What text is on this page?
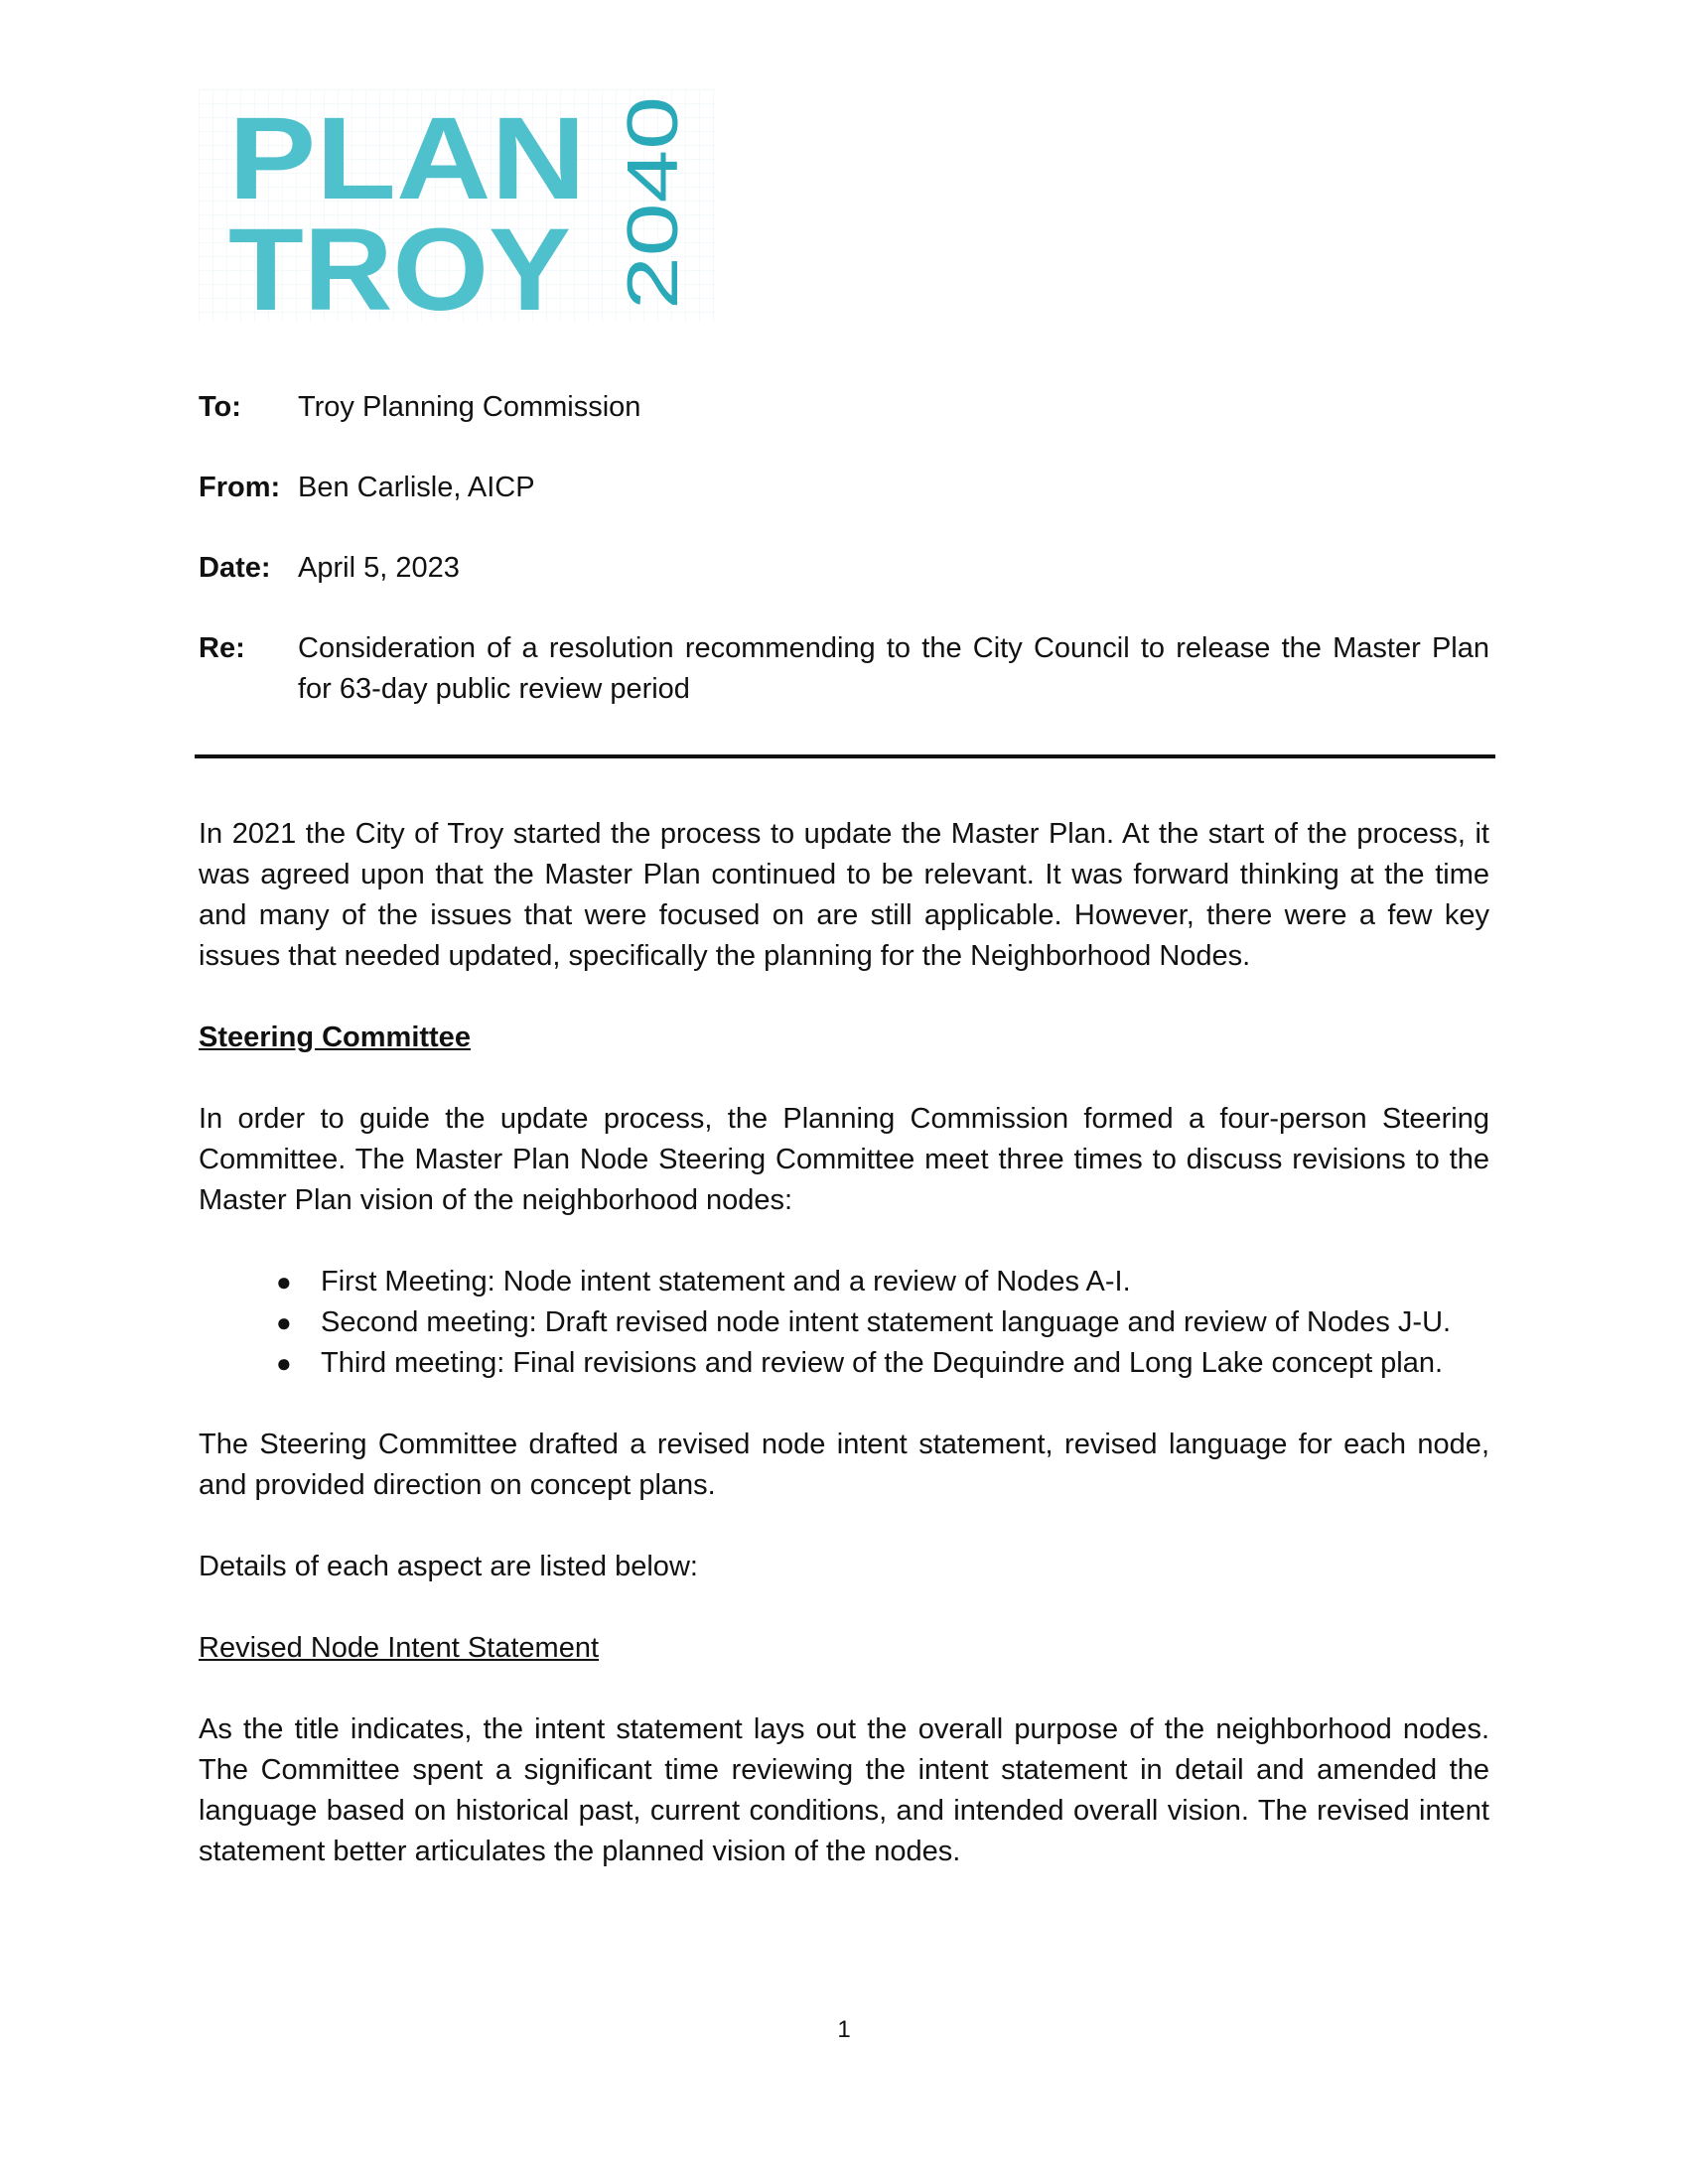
PLAN
TROY 2040
To:	Troy Planning Commission
From: Ben Carlisle, AICP
Date: April 5, 2023
Re:	Consideration of a resolution recommending to the City Council to release the Master Plan for 63-day public review period

In 2021 the City of Troy started the process to update the Master Plan. At the start of the process, it was agreed upon that the Master Plan continued to be relevant. It was forward thinking at the time and many of the issues that were focused on are still applicable. However, there were a few key issues that needed updated, specifically the planning for the Neighborhood Nodes.

Steering Committee

In order to guide the update process, the Planning Commission formed a four-person Steering Committee. The Master Plan Node Steering Committee meet three times to discuss revisions to the Master Plan vision of the neighborhood nodes:

● First Meeting: Node intent statement and a review of Nodes A-I.
● Second meeting: Draft revised node intent statement language and review of Nodes J-U.
● Third meeting: Final revisions and review of the Dequindre and Long Lake concept plan.

The Steering Committee drafted a revised node intent statement, revised language for each node, and provided direction on concept plans.

Details of each aspect are listed below:

Revised Node Intent Statement

As the title indicates, the intent statement lays out the overall purpose of the neighborhood nodes. The Committee spent a significant time reviewing the intent statement in detail and amended the language based on historical past, current conditions, and intended overall vision. The revised intent statement better articulates the planned vision of the nodes.

1
